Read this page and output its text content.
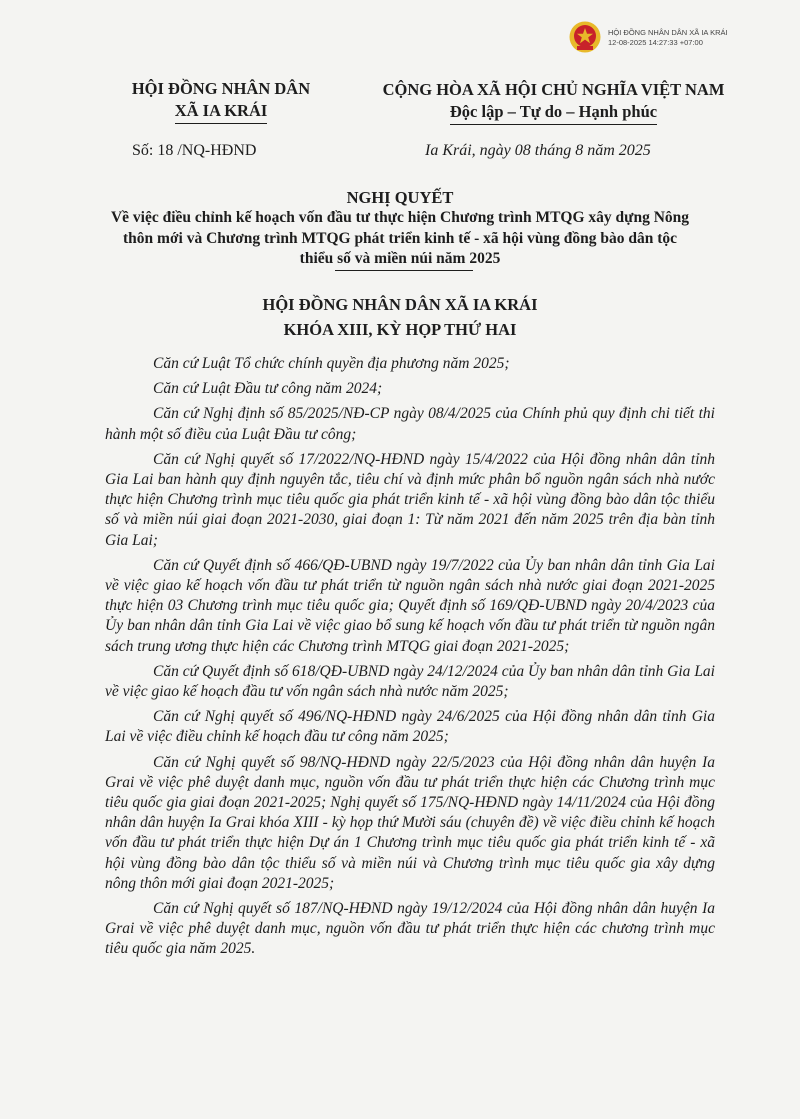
HỘI ĐỒNG NHÂN DÂN XÃ IA KRÁI
12-08-2025 14:27:33 +07:00
HỘI ĐỒNG NHÂN DÂN
XÃ IA KRÁI
CỘNG HÒA XÃ HỘI CHỦ NGHĨA VIỆT NAM
Độc lập – Tự do – Hạnh phúc
Số: 18 /NQ-HĐND	Ia Krái, ngày 08 tháng 8 năm 2025
NGHỊ QUYẾT
Về việc điều chỉnh kế hoạch vốn đầu tư thực hiện Chương trình MTQG xây dựng Nông thôn mới và Chương trình MTQG phát triển kinh tế - xã hội vùng đồng bào dân tộc thiểu số và miền núi năm 2025
HỘI ĐỒNG NHÂN DÂN XÃ IA KRÁI
KHÓA XIII, KỲ HỌP THỨ HAI

Căn cứ Luật Tổ chức chính quyền địa phương năm 2025;

Căn cứ Luật Đầu tư công năm 2024;

Căn cứ Nghị định số 85/2025/NĐ-CP ngày 08/4/2025 của Chính phủ quy định chi tiết thi hành một số điều của Luật Đầu tư công;

Căn cứ Nghị quyết số 17/2022/NQ-HĐND ngày 15/4/2022 của Hội đồng nhân dân tỉnh Gia Lai ban hành quy định nguyên tắc, tiêu chí và định mức phân bổ nguồn ngân sách nhà nước thực hiện Chương trình mục tiêu quốc gia phát triển kinh tế - xã hội vùng đồng bào dân tộc thiểu số và miền núi giai đoạn 2021-2030, giai đoạn 1: Từ năm 2021 đến năm 2025 trên địa bàn tỉnh Gia Lai;

Căn cứ Quyết định số 466/QĐ-UBND ngày 19/7/2022 của Ủy ban nhân dân tỉnh Gia Lai về việc giao kế hoạch vốn đầu tư phát triển từ nguồn ngân sách nhà nước giai đoạn 2021-2025 thực hiện 03 Chương trình mục tiêu quốc gia; Quyết định số 169/QĐ-UBND ngày 20/4/2023 của Ủy ban nhân dân tỉnh Gia Lai về việc giao bổ sung kế hoạch vốn đầu tư phát triển từ nguồn ngân sách trung ương thực hiện các Chương trình MTQG giai đoạn 2021-2025;

Căn cứ Quyết định số 618/QĐ-UBND ngày 24/12/2024 của Ủy ban nhân dân tỉnh Gia Lai về việc giao kế hoạch đầu tư vốn ngân sách nhà nước năm 2025;

Căn cứ Nghị quyết số 496/NQ-HĐND ngày 24/6/2025 của Hội đồng nhân dân tỉnh Gia Lai về việc điều chỉnh kế hoạch đầu tư công năm 2025;

Căn cứ Nghị quyết số 98/NQ-HĐND ngày 22/5/2023 của Hội đồng nhân dân huyện Ia Grai về việc phê duyệt danh mục, nguồn vốn đầu tư phát triển thực hiện các Chương trình mục tiêu quốc gia giai đoạn 2021-2025; Nghị quyết số 175/NQ-HĐND ngày 14/11/2024 của Hội đồng nhân dân huyện Ia Grai khóa XIII - kỳ họp thứ Mười sáu (chuyên đề) về việc điều chỉnh kế hoạch vốn đầu tư phát triển thực hiện Dự án 1 Chương trình mục tiêu quốc gia phát triển kinh tế - xã hội vùng đồng bào dân tộc thiểu số và miền núi và Chương trình mục tiêu quốc gia xây dựng nông thôn mới giai đoạn 2021-2025;

Căn cứ Nghị quyết số 187/NQ-HĐND ngày 19/12/2024 của Hội đồng nhân dân huyện Ia Grai về việc phê duyệt danh mục, nguồn vốn đầu tư phát triển thực hiện các chương trình mục tiêu quốc gia năm 2025.
